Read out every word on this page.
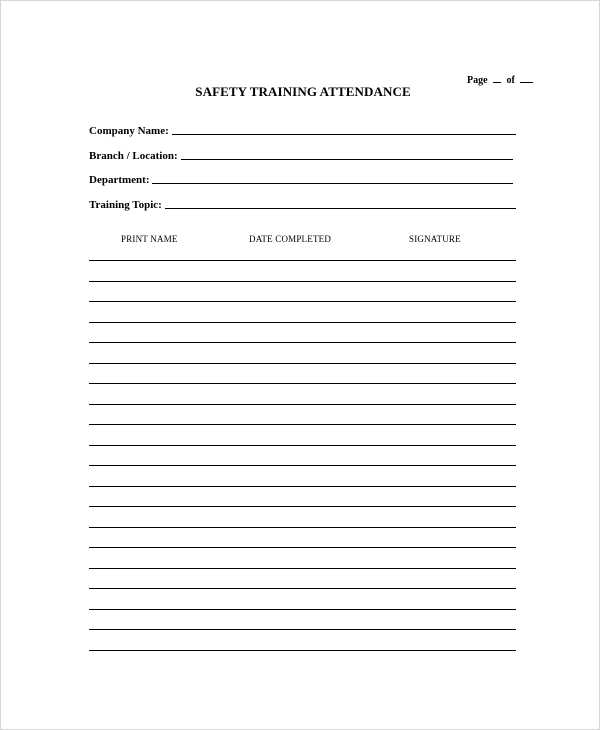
Page of
SAFETY TRAINING ATTENDANCE
Company Name:
Branch / Location:
Department:
Training Topic:
PRINT NAME	DATE COMPLETED	SIGNATURE
